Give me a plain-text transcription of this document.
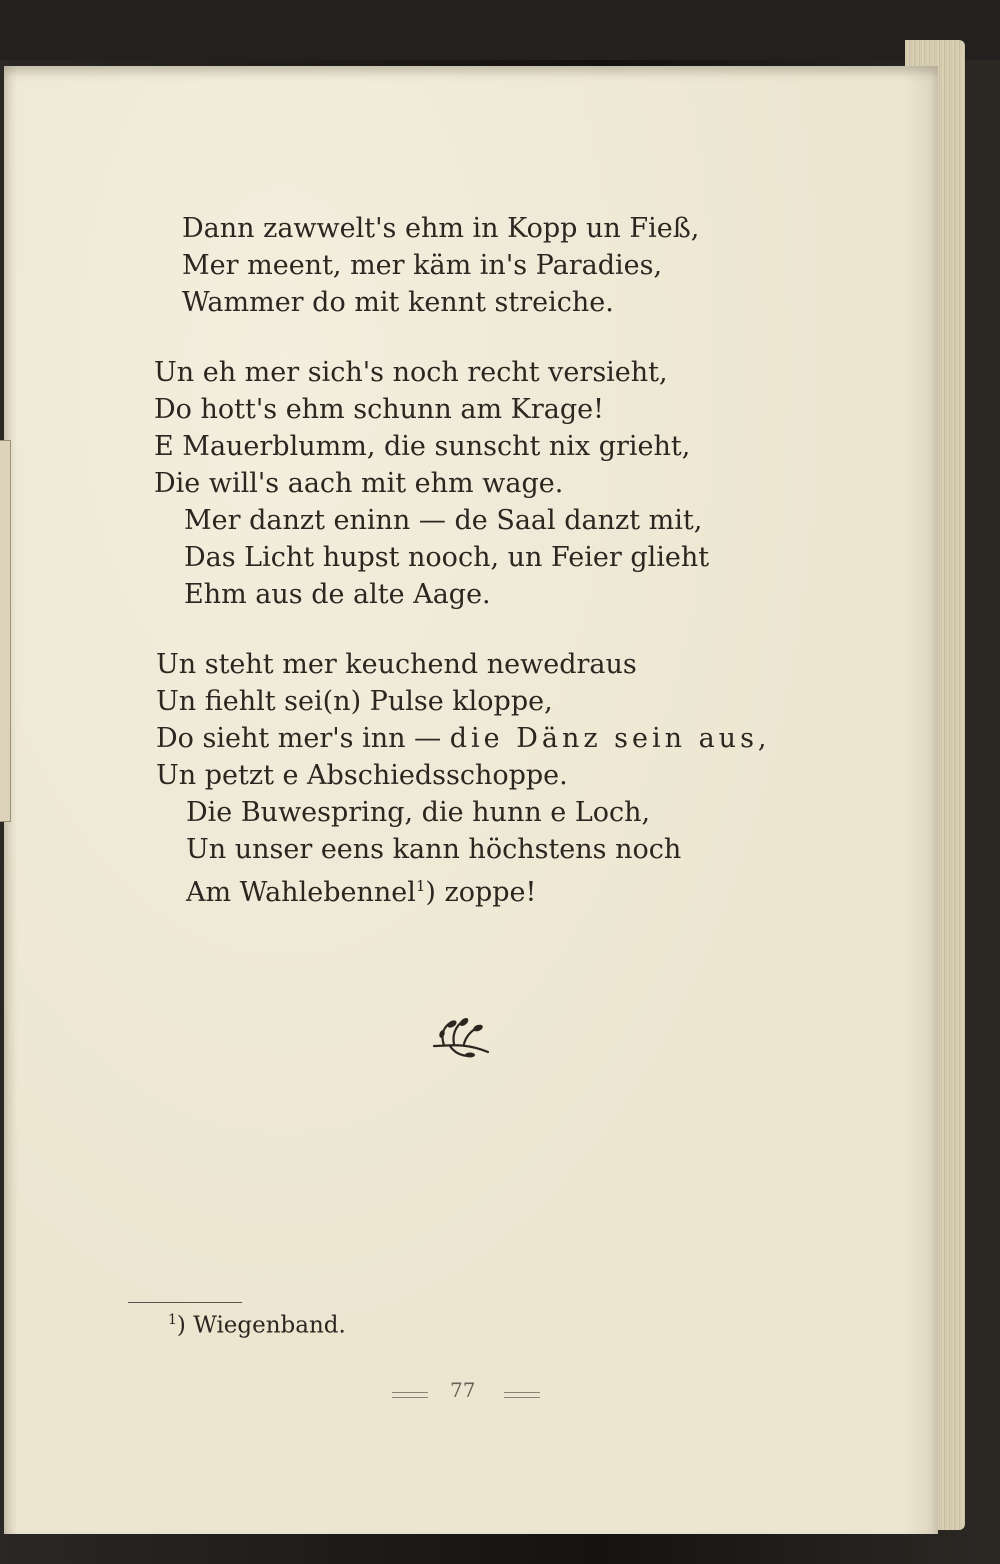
Dann zawwelt's ehm in Kopp un Fieß,
Mer meent, mer käm in's Paradies,
Wammer do mit kennt streiche.
Un eh mer sich's noch recht versieht,
Do hott's ehm schunn am Krage!
E Mauerblumm, die sunscht nix grieht,
Die will's aach mit ehm wage.
Mer danzt eninn — de Saal danzt mit,
Das Licht hupst nooch, un Feier glieht
Ehm aus de alte Aage.
Un steht mer keuchend newedraus
Un fiehlt sei(n) Pulse kloppe,
Do sieht mer's inn — die Dänz sein aus,
Un petzt e Abschiedsschoppe.
Die Buwespring, die hunn e Loch,
Un unser eens kann höchstens noch
Am Wahlebennel$^1$) zoppe!
$^1$) Wiegenband.
77
